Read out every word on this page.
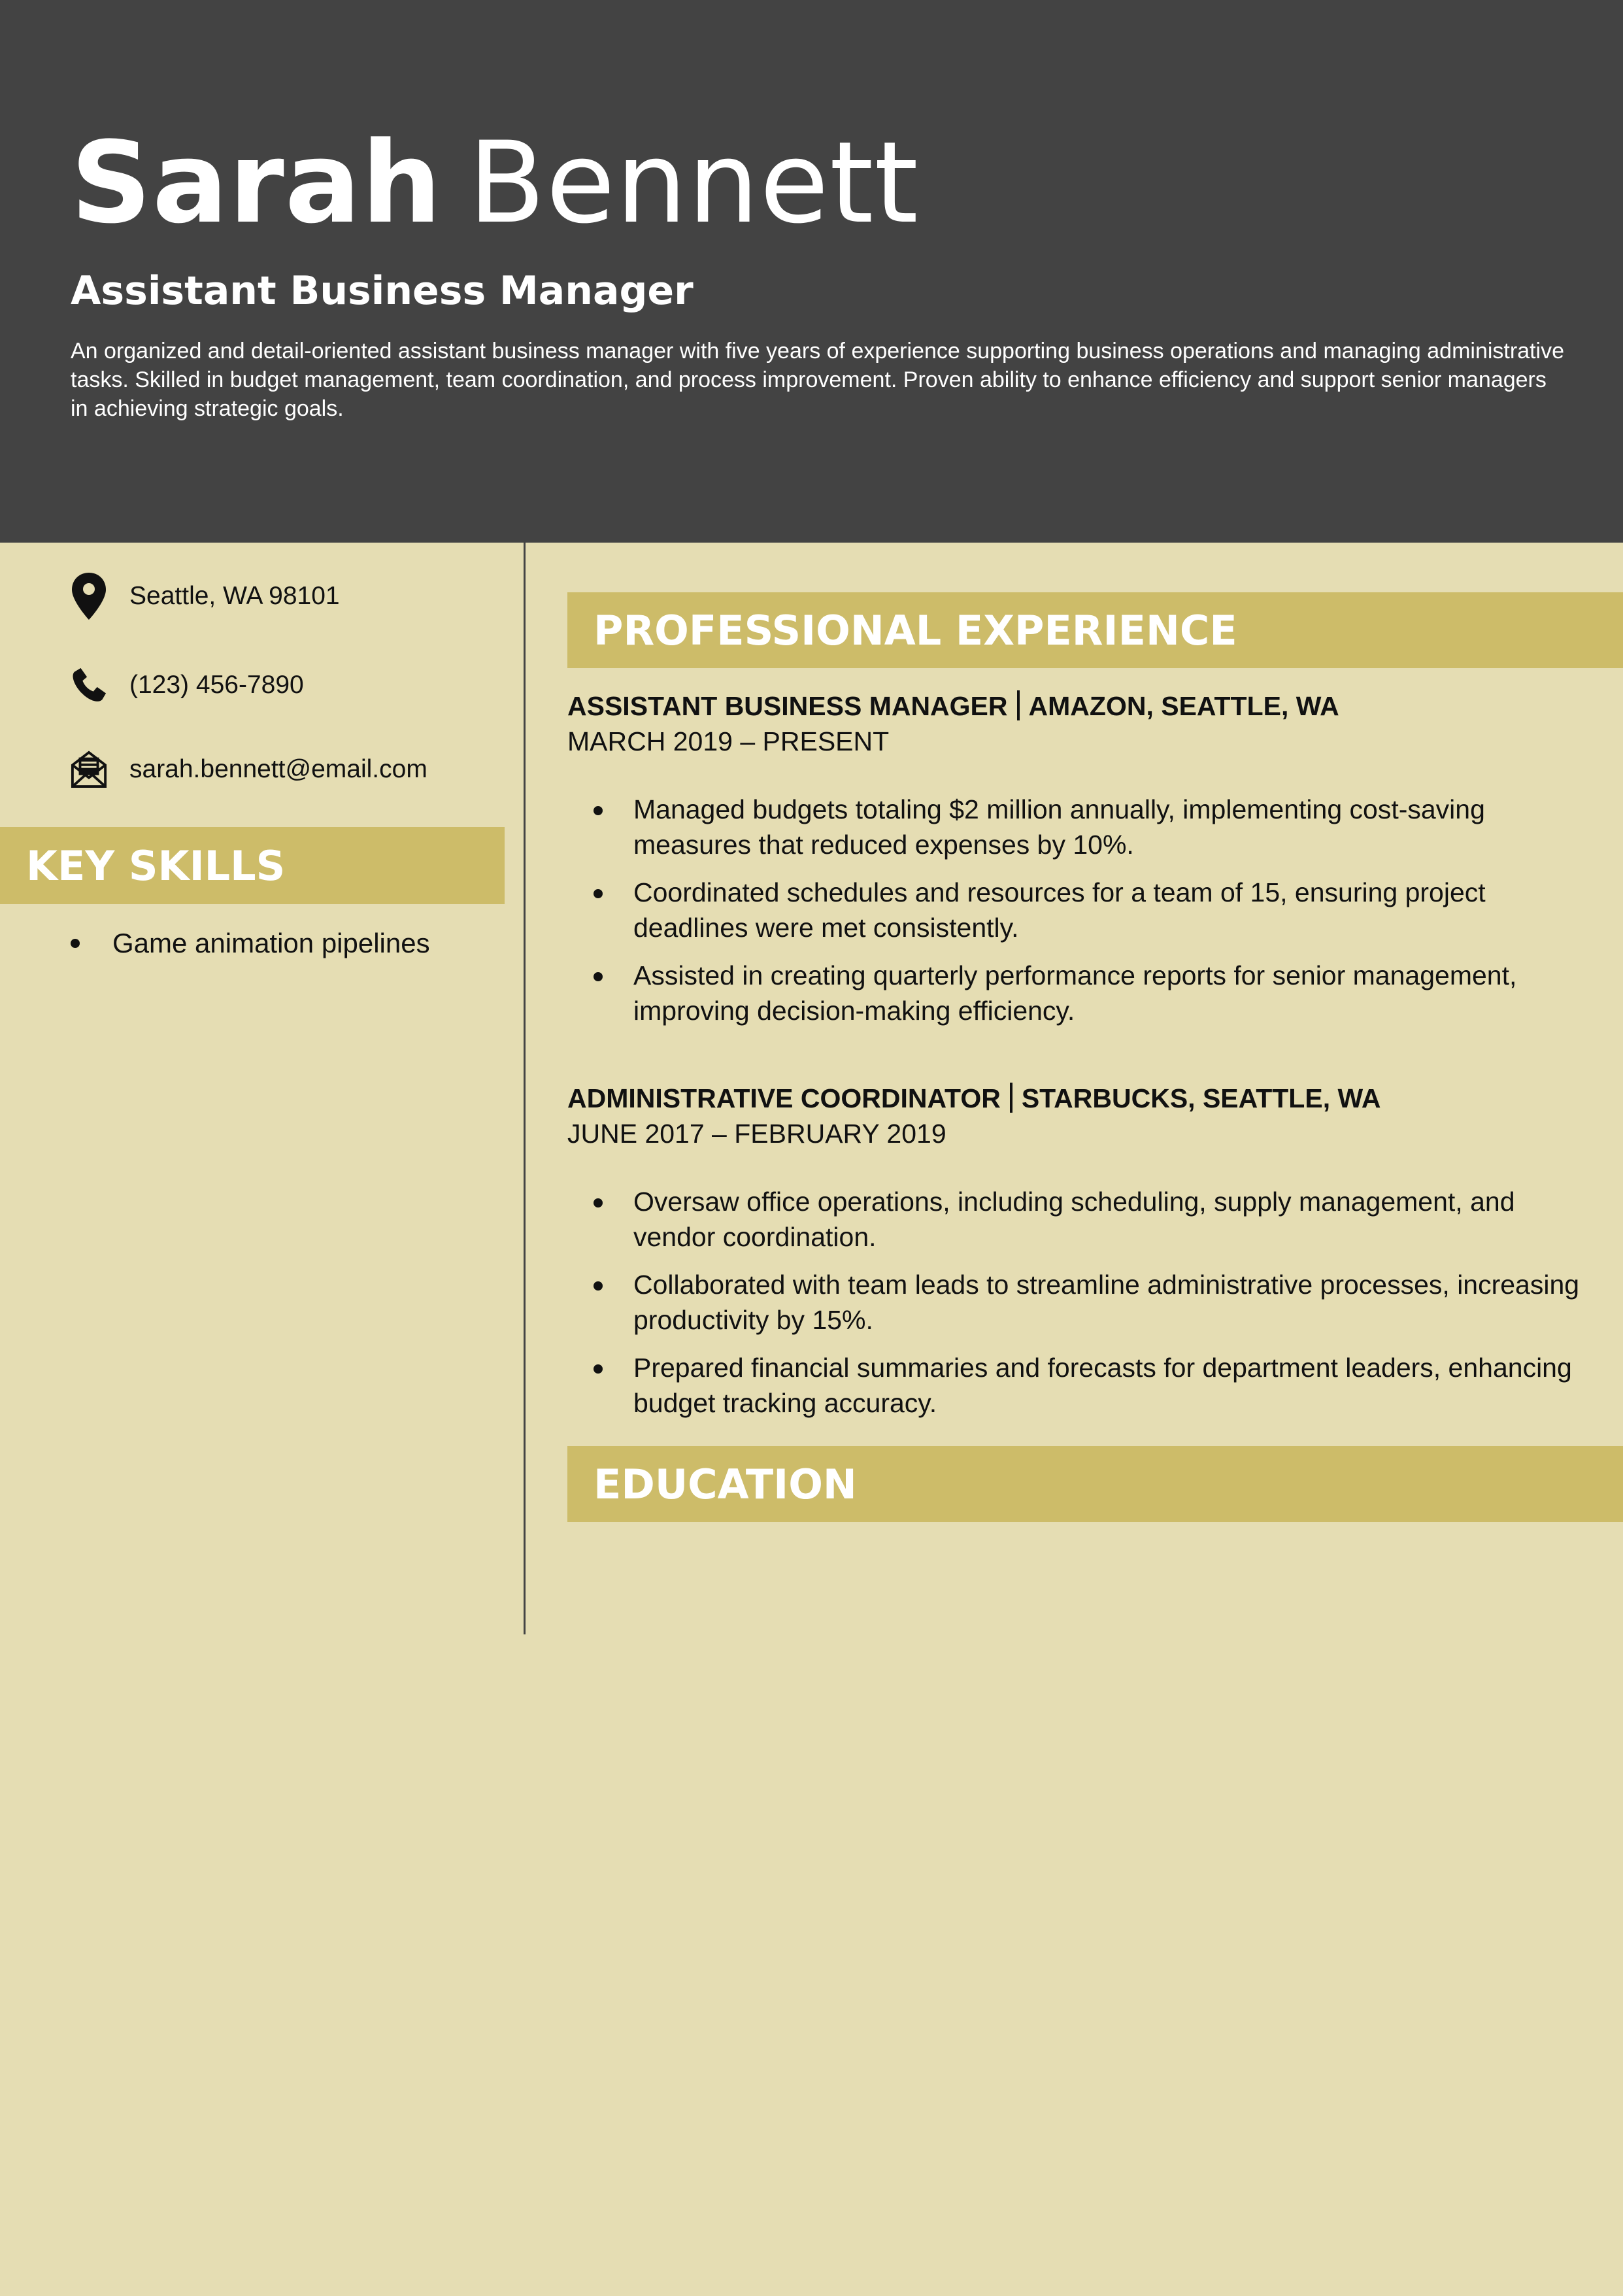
Sarah Bennett
Assistant Business Manager
An organized and detail-oriented assistant business manager with five years of experience supporting business operations and managing administrative tasks. Skilled in budget management, team coordination, and process improvement. Proven ability to enhance efficiency and support senior managers in achieving strategic goals.
Seattle, WA 98101
(123) 456-7890
sarah.bennett@email.com
KEY SKILLS
Game animation pipelines
PROFESSIONAL EXPERIENCE
ASSISTANT BUSINESS MANAGER AMAZON, SEATTLE, WA
MARCH 2019 – PRESENT
Managed budgets totaling $2 million annually, implementing cost-saving measures that reduced expenses by 10%.
Coordinated schedules and resources for a team of 15, ensuring project deadlines were met consistently.
Assisted in creating quarterly performance reports for senior management, improving decision-making efficiency.
ADMINISTRATIVE COORDINATOR STARBUCKS, SEATTLE, WA
JUNE 2017 – FEBRUARY 2019
Oversaw office operations, including scheduling, supply management, and vendor coordination.
Collaborated with team leads to streamline administrative processes, increasing productivity by 15%.
Prepared financial summaries and forecasts for department leaders, enhancing budget tracking accuracy.
EDUCATION
